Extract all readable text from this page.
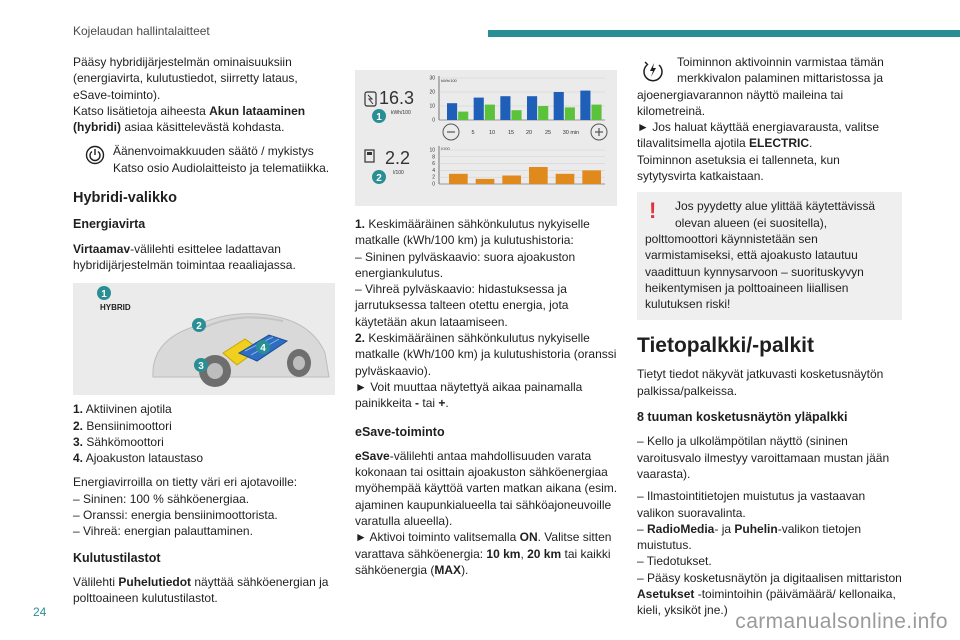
Kojelaudan hallintalaitteet

Pääsy hybridijärjestelmän ominaisuuksiin (energiavirta, kulutustiedot, siirretty lataus, eSave-toiminto).

Katso lisätietoja aiheesta Akun lataaminen (hybridi) asiaa käsittelevästä kohdasta.

Äänenvoimakkuuden säätö / mykistys
Katso osio Audiolaitteisto ja telematiikka.
Hybridi-valikko
Energiavirta

Virtaamav-välilehti esittelee ladattavan hybridijärjestelmän toimintaa reaaliajassa.

1
HYBRID
2
3
4
1. Aktiivinen ajotila
2. Bensiinimoottori
3. Sähkömoottori
4. Ajoakuston lataustaso

Energiavirroilla on tietty väri eri ajotavoille:

– Sininen: 100 % sähköenergiaa.
– Oranssi: energia bensiinimoottorista.
– Vihreä: energian palauttaminen.
Kulutustilastot

Välilehti Puhelutiedot näyttää sähköenergian ja polttoaineen kulutustilastot.

16.3
kWh/100
2.2
l/100
1
2
kWh/100
l/100
30
20
10
0
10
8
6
4
2
0
5	10 15 20 25 30 min

1. Keskimääräinen sähkönkulutus nykyiselle matkalle (kWh/100 km) ja kulutushistoria:

– Sininen pylväskaavio: suora ajoakuston energiankulutus.
– Vihreä pylväskaavio: hidastuksessa ja jarrutuksessa talteen otettu energia, jota käytetään akun lataamiseen.

2. Keskimääräinen sähkönkulutus nykyiselle matkalle (kWh/100 km) ja kulutushistoria (oranssi pylväskaavio).

► Voit muuttaa näytettyä aikaa painamalla painikkeita - tai +.

eSave-toiminto

eSave-välilehti antaa mahdollisuuden varata kokonaan tai osittain ajoakuston sähköenergiaa myöhempää käyttöä varten matkan aikana (esim. ajaminen kaupunkialueella tai sähköajoneuvoille varatulla alueella).

► Aktivoi toiminto valitsemalla ON. Valitse sitten varattava sähköenergia: 10 km, 20 km tai kaikki sähköenergia (MAX).

Toiminnon aktivoinnin varmistaa tämän
merkkivalon palaminen mittaristossa ja

ajoenergiavarannon näyttö maileina tai kilometreinä.

► Jos haluat käyttää energiavarausta, valitse tilavalitsimella ajotila ELECTRIC.

Toiminnon asetuksia ei tallenneta, kun sytytysvirta katkaistaan.

!	Jos pyydetty alue ylittää käytettävissä
olevan alueen (ei suositella),
polttomoottori käynnistetään sen varmistamiseksi, että ajoakusto latautuu vaadittuun kynnysarvoon – suorituskyvyn heikentymisen ja polttoaineen liiallisen kulutuksen riski!
Tietopalkki/-palkit

Tietyt tiedot näkyvät jatkuvasti kosketusnäytön palkissa/palkeissa.

8 tuuman kosketusnäytön yläpalkki
– Kello ja ulkolämpötilan näyttö (sininen varoitusvalo ilmestyy varoittamaan mustan jään vaarasta).
– Ilmastointitietojen muistutus ja vastaavan valikon suoravalinta.
– RadioMedia- ja Puhelin-valikon tietojen muistutus.
– Tiedotukset.
– Pääsy kosketusnäytön ja digitaalisen mittariston Asetukset -toimintoihin (päivämäärä/ kellonaika, kieli, yksiköt jne.)
24	carmanualsonline.info
